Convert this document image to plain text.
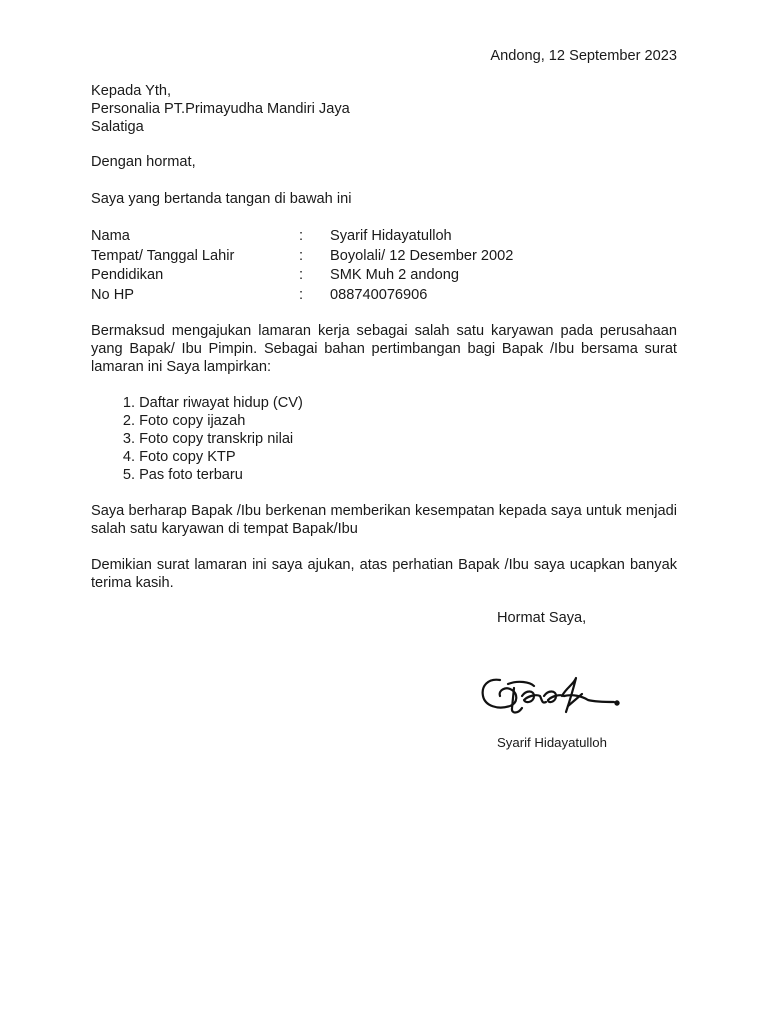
Andong, 12 September 2023
Kepada Yth,
Personalia PT.Primayudha Mandiri Jaya
Salatiga
Dengan hormat,
Saya yang bertanda tangan di bawah ini
Nama	:	Syarif Hidayatulloh
Tempat/ Tanggal Lahir	:	Boyolali/ 12 Desember 2002
Pendidikan	:	SMK Muh 2 andong
No HP	:	088740076906
Bermaksud mengajukan lamaran kerja sebagai salah satu karyawan pada perusahaan yang Bapak/ Ibu Pimpin. Sebagai bahan pertimbangan bagi Bapak /Ibu bersama surat lamaran ini Saya lampirkan:
1. Daftar riwayat hidup (CV)
2. Foto copy ijazah
3. Foto copy transkrip nilai
4. Foto copy KTP
5. Pas foto terbaru
Saya berharap Bapak /Ibu berkenan memberikan kesempatan kepada saya untuk menjadi salah satu karyawan di tempat Bapak/Ibu
Demikian surat lamaran ini saya ajukan, atas perhatian Bapak /Ibu saya ucapkan banyak terima kasih.
Hormat Saya,
Syarif Hidayatulloh
